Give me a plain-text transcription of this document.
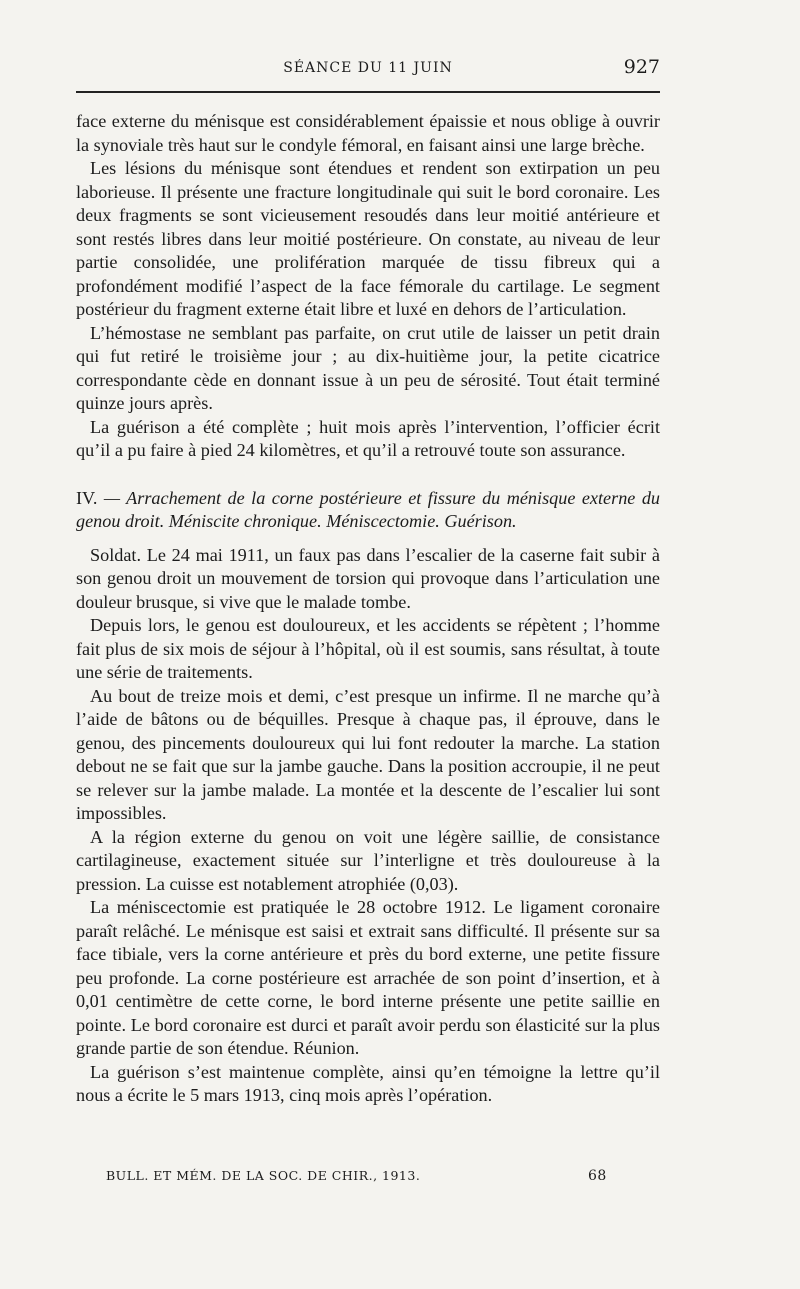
SÉANCE DU 11 JUIN	927

face externe du ménisque est considérablement épaissie et nous oblige à ouvrir la synoviale très haut sur le condyle fémoral, en faisant ainsi une large brèche.

Les lésions du ménisque sont étendues et rendent son extirpation un peu laborieuse. Il présente une fracture longitudinale qui suit le bord coronaire. Les deux fragments se sont vicieusement resoudés dans leur moitié antérieure et sont restés libres dans leur moitié postérieure. On constate, au niveau de leur partie consolidée, une prolifération marquée de tissu fibreux qui a profondément modifié l’aspect de la face fémorale du cartilage. Le segment postérieur du fragment externe était libre et luxé en dehors de l’articulation.

L’hémostase ne semblant pas parfaite, on crut utile de laisser un petit drain qui fut retiré le troisième jour ; au dix-huitième jour, la petite cicatrice correspondante cède en donnant issue à un peu de sérosité. Tout était terminé quinze jours après.

La guérison a été complète ; huit mois après l’intervention, l’officier écrit qu’il a pu faire à pied 24 kilomètres, et qu’il a retrouvé toute son assurance.

IV. — Arrachement de la corne postérieure et fissure du ménisque externe du genou droit. Méniscite chronique. Méniscectomie. Guérison.

Soldat. Le 24 mai 1911, un faux pas dans l’escalier de la caserne fait subir à son genou droit un mouvement de torsion qui provoque dans l’articulation une douleur brusque, si vive que le malade tombe.

Depuis lors, le genou est douloureux, et les accidents se répètent ; l’homme fait plus de six mois de séjour à l’hôpital, où il est soumis, sans résultat, à toute une série de traitements.

Au bout de treize mois et demi, c’est presque un infirme. Il ne marche qu’à l’aide de bâtons ou de béquilles. Presque à chaque pas, il éprouve, dans le genou, des pincements douloureux qui lui font redouter la marche. La station debout ne se fait que sur la jambe gauche. Dans la position accroupie, il ne peut se relever sur la jambe malade. La montée et la descente de l’escalier lui sont impossibles.

A la région externe du genou on voit une légère saillie, de consistance cartilagineuse, exactement située sur l’interligne et très douloureuse à la pression. La cuisse est notablement atrophiée (0,03).

La méniscectomie est pratiquée le 28 octobre 1912. Le ligament coronaire paraît relâché. Le ménisque est saisi et extrait sans difficulté. Il présente sur sa face tibiale, vers la corne antérieure et près du bord externe, une petite fissure peu profonde. La corne postérieure est arrachée de son point d’insertion, et à 0,01 centimètre de cette corne, le bord interne présente une petite saillie en pointe. Le bord coronaire est durci et paraît avoir perdu son élasticité sur la plus grande partie de son étendue. Réunion.

La guérison s’est maintenue complète, ainsi qu’en témoigne la lettre qu’il nous a écrite le 5 mars 1913, cinq mois après l’opération.

BULL. ET MÉM. DE LA SOC. DE CHIR., 1913.	68
